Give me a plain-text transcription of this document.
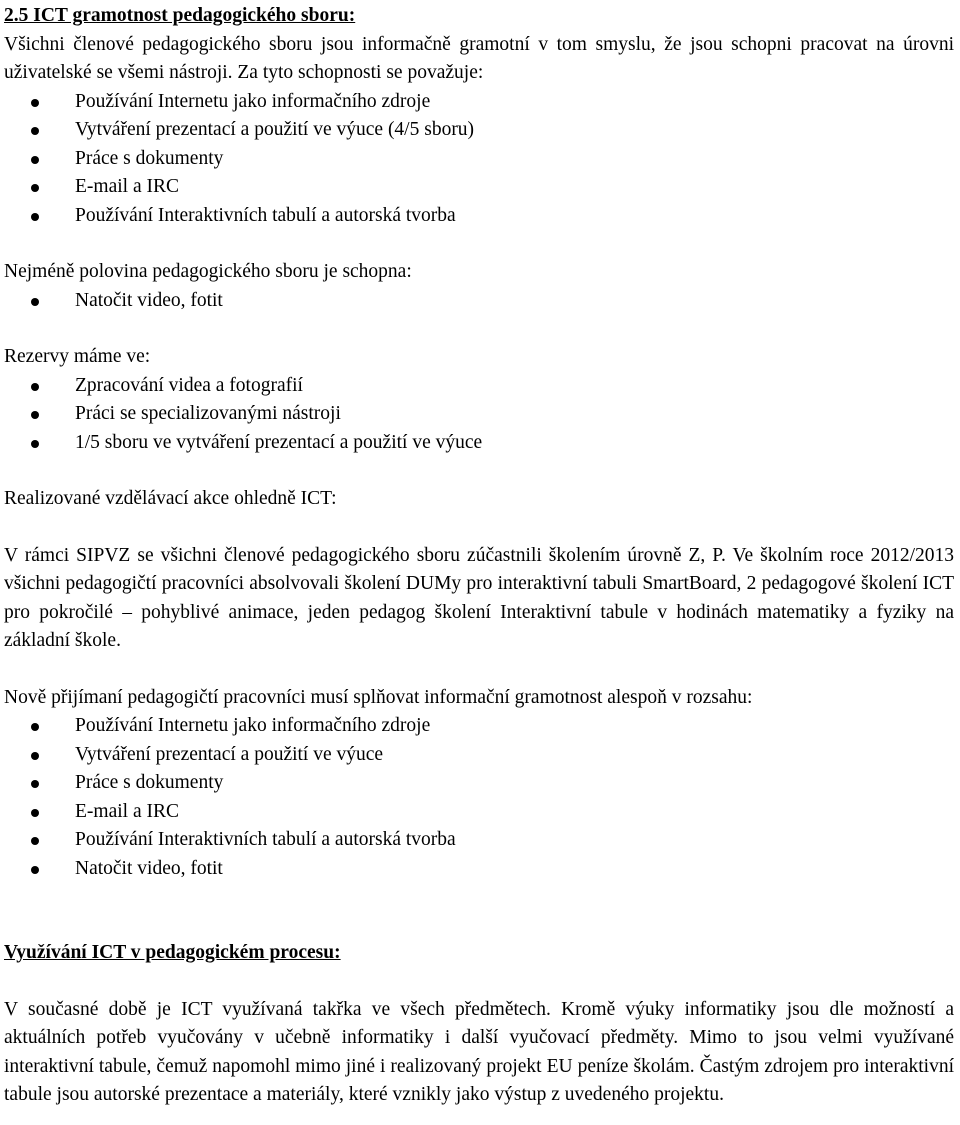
2.5 ICT gramotnost pedagogického sboru:

Všichni členové pedagogického sboru jsou informačně gramotní v tom smyslu, že jsou schopni pracovat na úrovni uživatelské se všemi nástroji. Za tyto schopnosti se považuje:

Používání Internetu jako informačního zdroje
Vytváření prezentací a použití ve výuce (4/5 sboru)
Práce s dokumenty
E-mail a IRC
Používání Interaktivních tabulí a autorská tvorba

Nejméně polovina pedagogického sboru je schopna:

Natočit video, fotit

Rezervy máme ve:

Zpracování videa a fotografií
Práci se specializovanými nástroji
1/5 sboru ve vytváření prezentací a použití ve výuce

Realizované vzdělávací akce ohledně ICT:

V rámci SIPVZ se všichni členové pedagogického sboru zúčastnili školením úrovně Z, P. Ve školním roce 2012/2013 všichni pedagogičtí pracovníci absolvovali školení DUMy pro interaktivní tabuli SmartBoard, 2 pedagogové školení ICT pro pokročilé – pohyblivé animace, jeden pedagog školení Interaktivní tabule v hodinách matematiky a fyziky na základní škole.

Nově přijímaní pedagogičtí pracovníci musí splňovat informační gramotnost alespoň v rozsahu:

Používání Internetu jako informačního zdroje
Vytváření prezentací a použití ve výuce
Práce s dokumenty
E-mail a IRC
Používání Interaktivních tabulí a autorská tvorba
Natočit video, fotit

Využívání ICT v pedagogickém procesu:

V současné době je ICT využívaná takřka ve všech předmětech. Kromě výuky informatiky jsou dle možností a aktuálních potřeb vyučovány v učebně informatiky i další vyučovací předměty. Mimo to jsou velmi využívané interaktivní tabule, čemuž napomohl mimo jiné i realizovaný projekt EU peníze školám. Častým zdrojem pro interaktivní tabule jsou autorské prezentace a materiály, které vznikly jako výstup z uvedeného projektu.
